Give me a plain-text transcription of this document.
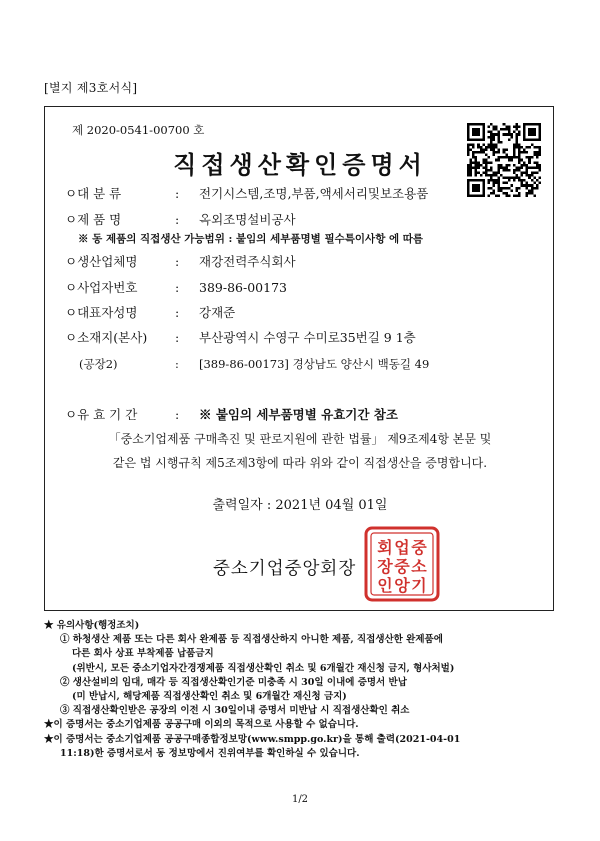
[별지 제3호서식]
제 2020-0541-00700 호
직접생산확인증명서
ㅇ대 분 류	: 전기시스템,조명,부품,액세서리및보조용품
ㅇ제 품 명	: 옥외조명설비공사
※ 동 제품의 직접생산 가능범위 : 붙임의 세부품명별 필수특이사항 에 따름
ㅇ생산업체명	: 재강전력주식회사
ㅇ사업자번호	: 389-86-00173
ㅇ대표자성명	: 강재준
ㅇ소재지(본사) : 부산광역시 수영구 수미로35번길 9 1층
(공장2)	: [389-86-00173] 경상남도 양산시 백동길 49
ㅇ유 효 기 간	: ※ 붙임의 세부품명별 유효기간 참조
「중소기업제품 구매촉진 및 판로지원에 관한 법률」 제9조제4항 본문 및
같은 법 시행규칙 제5조제3항에 따라 위와 같이 직접생산을 증명합니다.
출력일자 : 2021년 04월 01일
중소기업중앙회장
중
소
기
업
중
앙
회
장
인
★ 유의사항(행정조치)
① 하청생산 제품 또는 다른 회사 완제품 등 직접생산하지 아니한 제품, 직접생산한 완제품에
다른 회사 상표 부착제품 납품금지
(위반시, 모든 중소기업자간경쟁제품 직접생산확인 취소 및 6개월간 재신청 금지, 형사처벌)
② 생산설비의 임대, 매각 등 직접생산확인기준 미충족 시 30일 이내에 증명서 반납
(미 반납시, 해당제품 직접생산확인 취소 및 6개월간 재신청 금지)
③ 직접생산확인받은 공장의 이전 시 30일이내 증명서 미반납 시 직접생산확인 취소
★이 증명서는 중소기업제품 공공구매 이외의 목적으로 사용할 수 없습니다.
★이 증명서는 중소기업제품 공공구매종합정보망(www.smpp.go.kr)을 통해 출력(2021-04-01
11:18)한 증명서로서 동 정보망에서 진위여부를 확인하실 수 있습니다.
1/2
